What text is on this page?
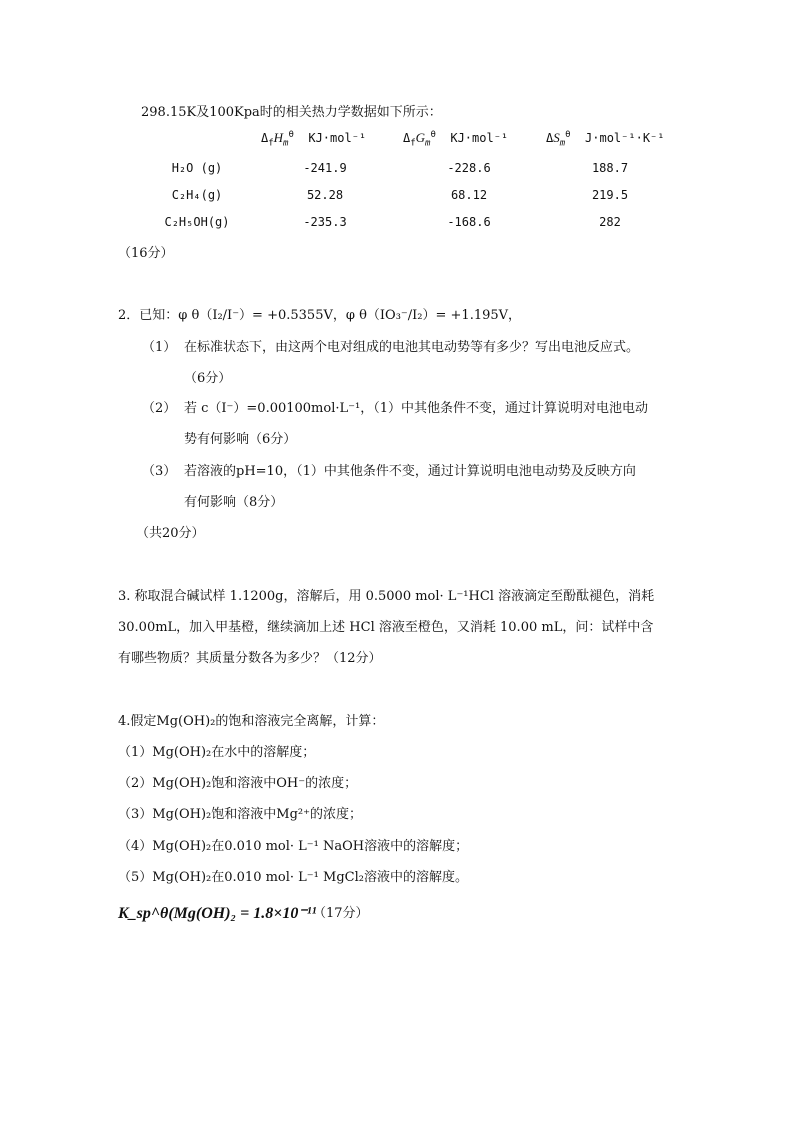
298.15K及100Kpa时的相关热力学数据如下所示：
$\Delta_fH_m^\theta$ KJ·mol⁻¹	$\Delta_fG_m^\theta$ KJ·mol⁻¹	$\Delta S_m^\theta$ J·mol⁻¹·K⁻¹
H₂O (g)	-241.9	-228.6	188.7
C₂H₄(g)	52.28	68.12	219.5
C₂H₅OH(g)	-235.3	-168.6	282
（16分）
2．已知：φ θ（I₂/I⁻）= +0.5355V，φ θ（IO₃⁻/I₂）= +1.195V，
（1） 在标准状态下，由这两个电对组成的电池其电动势等有多少？写出电池反应式。
（6分）
（2） 若 c（I⁻）=0.00100mol·L⁻¹，（1）中其他条件不变，通过计算说明对电池电动
势有何影响（6分）
（3） 若溶液的pH=10，（1）中其他条件不变，通过计算说明电池电动势及反映方向
有何影响（8分）
（共20分）
3. 称取混合碱试样 1.1200g，溶解后，用 0.5000 mol· L⁻¹HCl 溶液滴定至酚酞褪色，消耗
30.00mL，加入甲基橙，继续滴加上述 HCl 溶液至橙色，又消耗 10.00 mL，问：试样中含
有哪些物质？其质量分数各为多少？（12分）
4.假定Mg(OH)₂的饱和溶液完全离解，计算：
（1）Mg(OH)₂在水中的溶解度；
（2）Mg(OH)₂饱和溶液中OH⁻的浓度；
（3）Mg(OH)₂饱和溶液中Mg²⁺的浓度；
（4）Mg(OH)₂在0.010 mol· L⁻¹ NaOH溶液中的溶解度；
（5）Mg(OH)₂在0.010 mol· L⁻¹ MgCl₂溶液中的溶解度。
K_sp^θ(Mg(OH)₂ = 1.8×10⁻¹¹
（17分）
